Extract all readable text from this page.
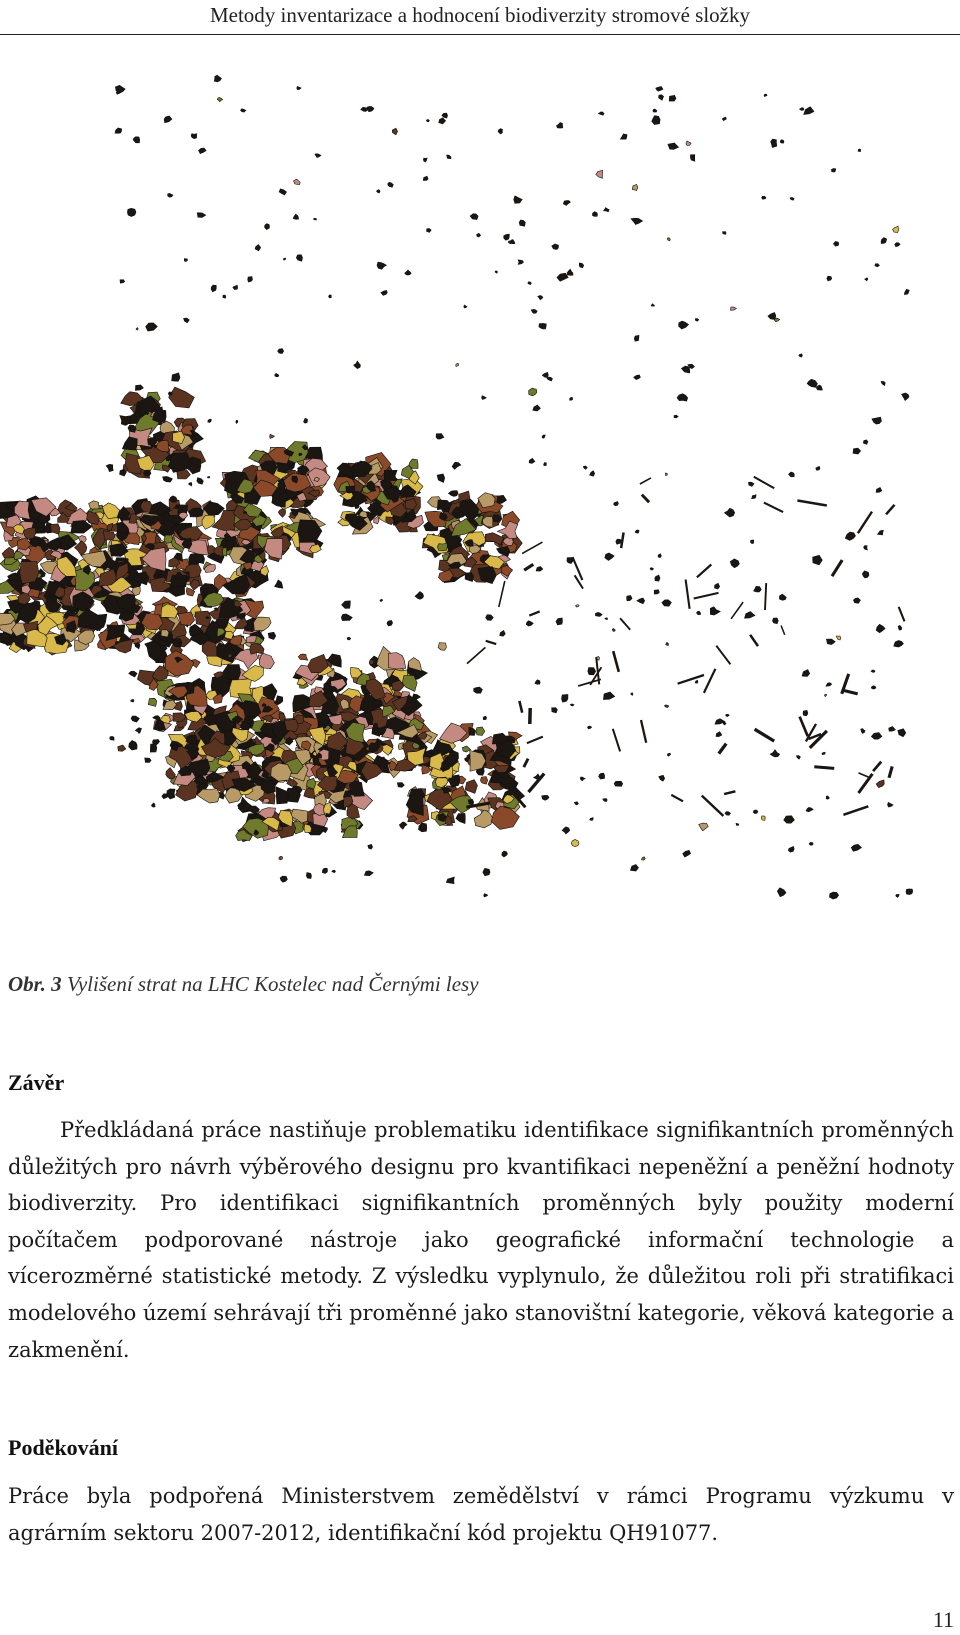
Metody inventarizace a hodnocení biodiverzity stromové složky
Obr. 3 Vylišení strat na LHC Kostelec nad Černými lesy
Závěr

Předkládaná práce nastiňuje problematiku identifikace signifikantních proměnných důležitých pro návrh výběrového designu pro kvantifikaci nepeněžní a peněžní hodnoty biodiverzity. Pro identifikaci signifikantních proměnných byly použity moderní počítačem podporované nástroje jako geografické informační technologie a vícerozměrné statistické metody. Z výsledku vyplynulo, že důležitou roli při stratifikaci modelového území sehrávají tři proměnné jako stanovištní kategorie, věková kategorie a zakmenění.

Poděkování

Práce byla podpořená Ministerstvem zemědělství v rámci Programu výzkumu v agrárním sektoru 2007-2012, identifikační kód projektu QH91077.

11
